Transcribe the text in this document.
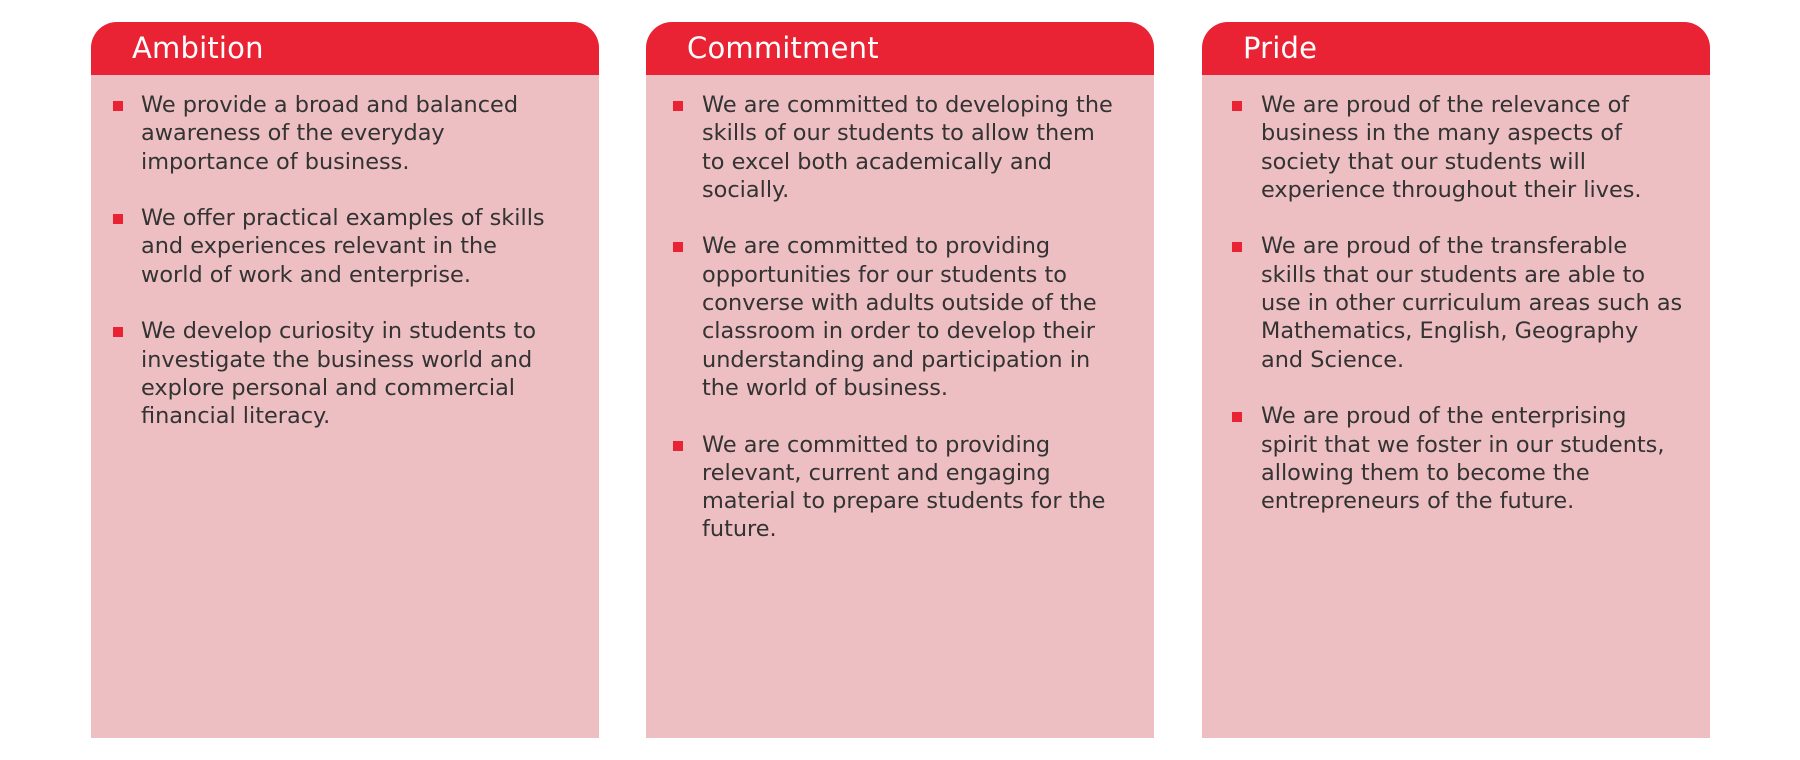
Ambition
We provide a broad and balanced awareness of the everyday importance of business.
We offer practical examples of skills and experiences relevant in the world of work and enterprise.
We develop curiosity in students to investigate the business world and explore personal and commercial financial literacy.
Commitment
We are committed to developing the skills of our students to allow them to excel both academically and socially.
We are committed to providing opportunities for our students to converse with adults outside of the classroom in order to develop their understanding and participation in the world of business.
We are committed to providing relevant, current and engaging material to prepare students for the future.
Pride
We are proud of the relevance of business in the many aspects of society that our students will experience throughout their lives.
We are proud of the transferable skills that our students are able to use in other curriculum areas such as Mathematics, English, Geography and Science.
We are proud of the enterprising spirit that we foster in our students, allowing them to become the entrepreneurs of the future.
